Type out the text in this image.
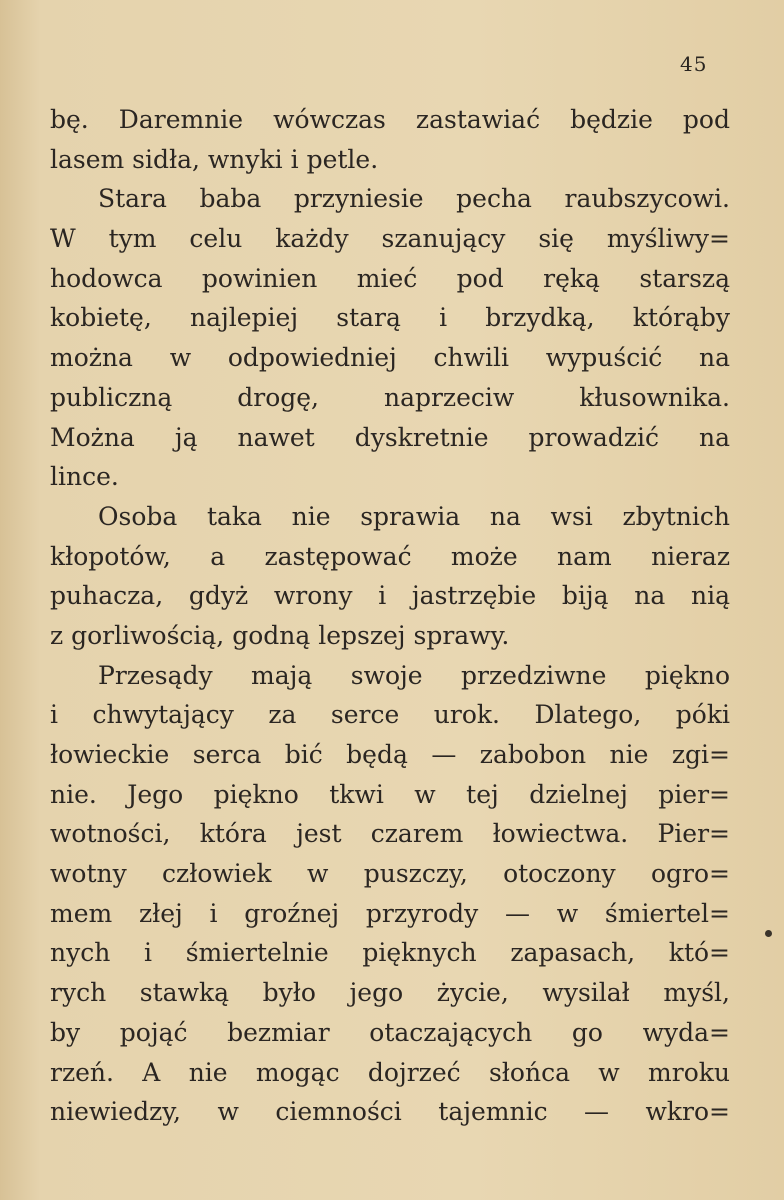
45
bę. Daremnie wówczas zastawiać będzie pod
lasem sidła, wnyki i petle.
Stara baba przyniesie pecha raubszycowi.
W tym celu każdy szanujący się myśliwy=
hodowca powinien mieć pod ręką starszą
kobietę, najlepiej starą i brzydką, którąby
można w odpowiedniej chwili wypuścić na
publiczną drogę, naprzeciw kłusownika.
Można ją nawet dyskretnie prowadzić na
lince.
Osoba taka nie sprawia na wsi zbytnich
kłopotów, a zastępować może nam nieraz
puhacza, gdyż wrony i jastrzębie biją na nią
z gorliwością, godną lepszej sprawy.
Przesądy mają swoje przedziwne piękno
i chwytający za serce urok. Dlatego, póki
łowieckie serca bić będą — zabobon nie zgi=
nie. Jego piękno tkwi w tej dzielnej pier=
wotności, która jest czarem łowiectwa. Pier=
wotny człowiek w puszczy, otoczony ogro=
mem złej i groźnej przyrody — w śmiertel=
nych i śmiertelnie pięknych zapasach, któ=
rych stawką było jego życie, wysilał myśl,
by pojąć bezmiar otaczających go wyda=
rzeń. A nie mogąc dojrzeć słońca w mroku
niewiedzy, w ciemności tajemnic — wkro=
